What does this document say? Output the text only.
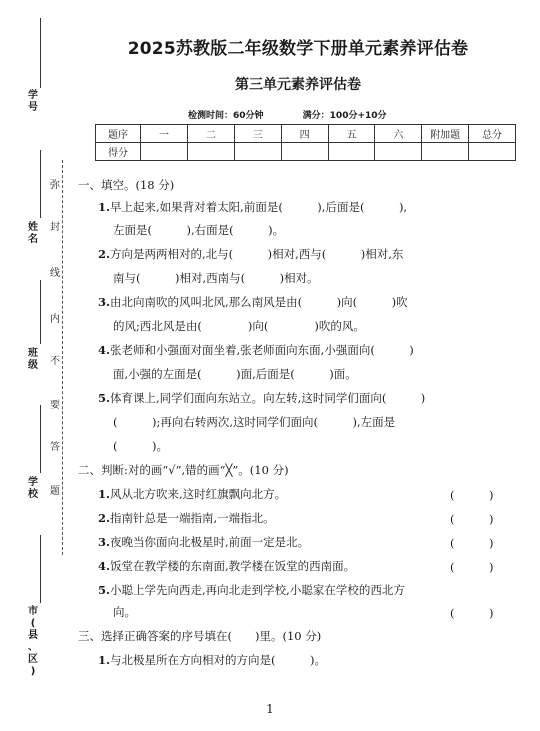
学
号
姓
名
班
级
学
校
市
(
县
、
区
)
弥
封
线
内
不
要
答
题
2025苏教版二年级数学下册单元素养评估卷
第三单元素养评估卷
检测时间：60分钟	满分：100分+10分
题序	一	二	三	四	五	六	附加题	总分
得分								
一、填空。(18 分)
1.早上起来,如果背对着太阳,前面是(　　　),后面是(　　　),
左面是(　　　),右面是(　　　)。
2.方向是两两相对的,北与(　　　)相对,西与(　　　)相对,东
南与(　　　)相对,西南与(　　　)相对。
3.由北向南吹的风叫北风,那么南风是由(　　　)向(　　　)吹
的风;西北风是由(　　　　)向(　　　　)吹的风。
4.张老师和小强面对面坐着,张老师面向东面,小强面向(　　　)
面,小强的左面是(　　　)面,后面是(　　　)面。
5.体育课上,同学们面向东站立。向左转,这时同学们面向(　　　)
(　　　);再向右转两次,这时同学们面向(　　　),左面是
(　　　)。
二、判断:对的画“√”,错的画“╳”。(10 分)
1.风从北方吹来,这时红旗飘向北方。	(　　　)
2.指南针总是一端指南,一端指北。	(　　　)
3.夜晚当你面向北极星时,前面一定是北。	(　　　)
4.饭堂在教学楼的东南面,教学楼在饭堂的西南面。	(　　　)
5.小聪上学先向西走,再向北走到学校,小聪家在学校的西北方
向。	(　　　)
三、选择正确答案的序号填在(　　)里。(10 分)
1.与北极星所在方向相对的方向是(　　　)。
1
